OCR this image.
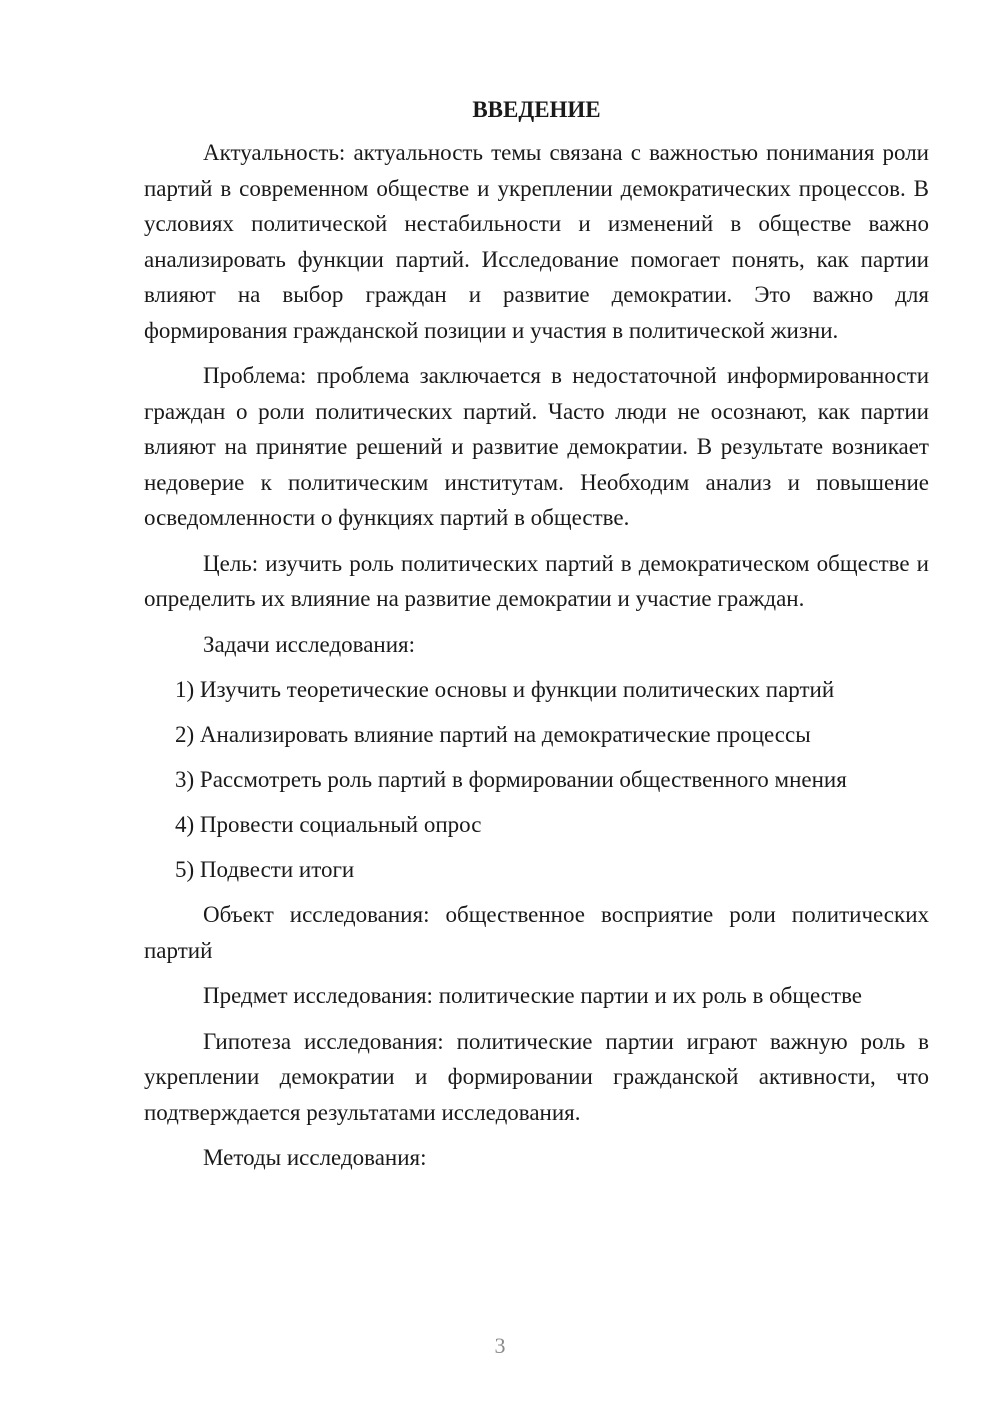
ВВЕДЕНИЕ

Актуальность: актуальность темы связана с важностью понимания роли партий в современном обществе и укреплении демократических процессов. В условиях политической нестабильности и изменений в обществе важно анализировать функции партий. Исследование помогает понять, как партии влияют на выбор граждан и развитие демократии. Это важно для формирования гражданской позиции и участия в политической жизни.

Проблема: проблема заключается в недостаточной информированности граждан о роли политических партий. Часто люди не осознают, как партии влияют на принятие решений и развитие демократии. В результате возникает недоверие к политическим институтам. Необходим анализ и повышение осведомленности о функциях партий в обществе.

Цель: изучить роль политических партий в демократическом обществе и определить их влияние на развитие демократии и участие граждан.

Задачи исследования:

1) Изучить теоретические основы и функции политических партий
2) Анализировать влияние партий на демократические процессы
3) Рассмотреть роль партий в формировании общественного мнения
4) Провести социальный опрос
5) Подвести итоги

Объект исследования: общественное восприятие роли политических партий

Предмет исследования: политические партии и их роль в обществе

Гипотеза исследования: политические партии играют важную роль в укреплении демократии и формировании гражданской активности, что подтверждается результатами исследования.

Методы исследования:

3
